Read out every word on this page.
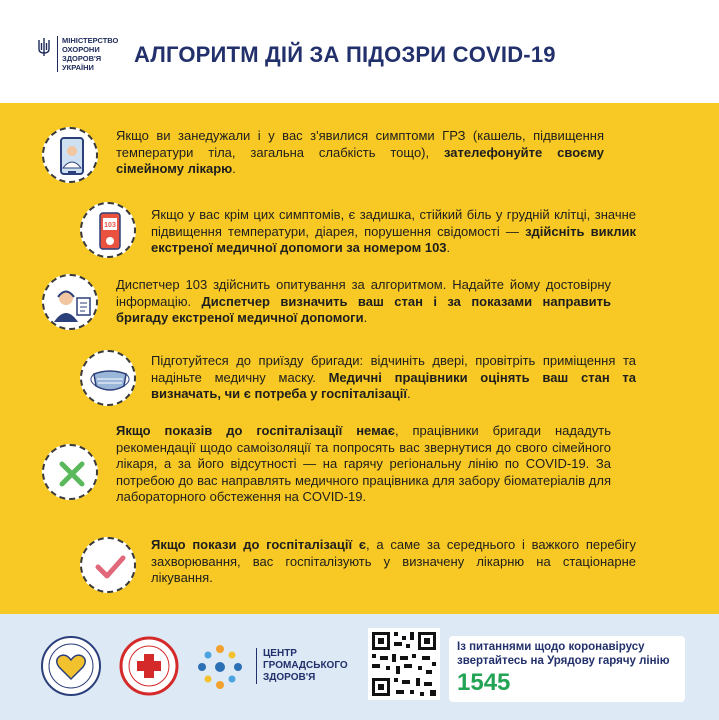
МІНІСТЕРСТВО
ОХОРОНИ
ЗДОРОВ'Я
УКРАЇНИ
АЛГОРИТМ ДІЙ ЗА ПІДОЗРИ COVID-19
Якщо ви занедужали і у вас з'явилися симптоми ГРЗ (кашель, підвищення температури тіла, загальна слабкість тощо), зателефонуйте своєму сімейному лікарю.
103
Якщо у вас крім цих симптомів, є задишка, стійкий біль у грудній клітці, значне підвищення температури, діарея, порушення свідомості — здійсніть виклик екстреної медичної допомоги за номером 103.
Диспетчер 103 здійснить опитування за алгоритмом. Надайте йому достовірну інформацію. Диспетчер визначить ваш стан і за показами направить бригаду екстреної медичної допомоги.
Підготуйтеся до приїзду бригади: відчиніть двері, провітріть приміщення та надіньте медичну маску. Медичні працівники оцінять ваш стан та визначать, чи є потреба у госпіталізації.
Якщо показів до госпіталізації немає, працівники бригади нададуть рекомендації щодо самоізоляції та попросять вас звернутися до свого сімейного лікаря, а за його відсутності — на гарячу регіональну лінію по COVID-19. За потребою до вас направлять медичного працівника для забору біоматеріалів для лабораторного обстеження на COVID-19.
Якщо покази до госпіталізації є, а саме за середнього і важкого перебігу захворювання, вас госпіталізують у визначену лікарню на стаціонарне лікування.
ЦЕНТР ГРОМАДСЬКОГО ЗДОРОВ'Я
Із питаннями щодо коронавірусу звертайтесь на Урядову гарячу лінію
1545
